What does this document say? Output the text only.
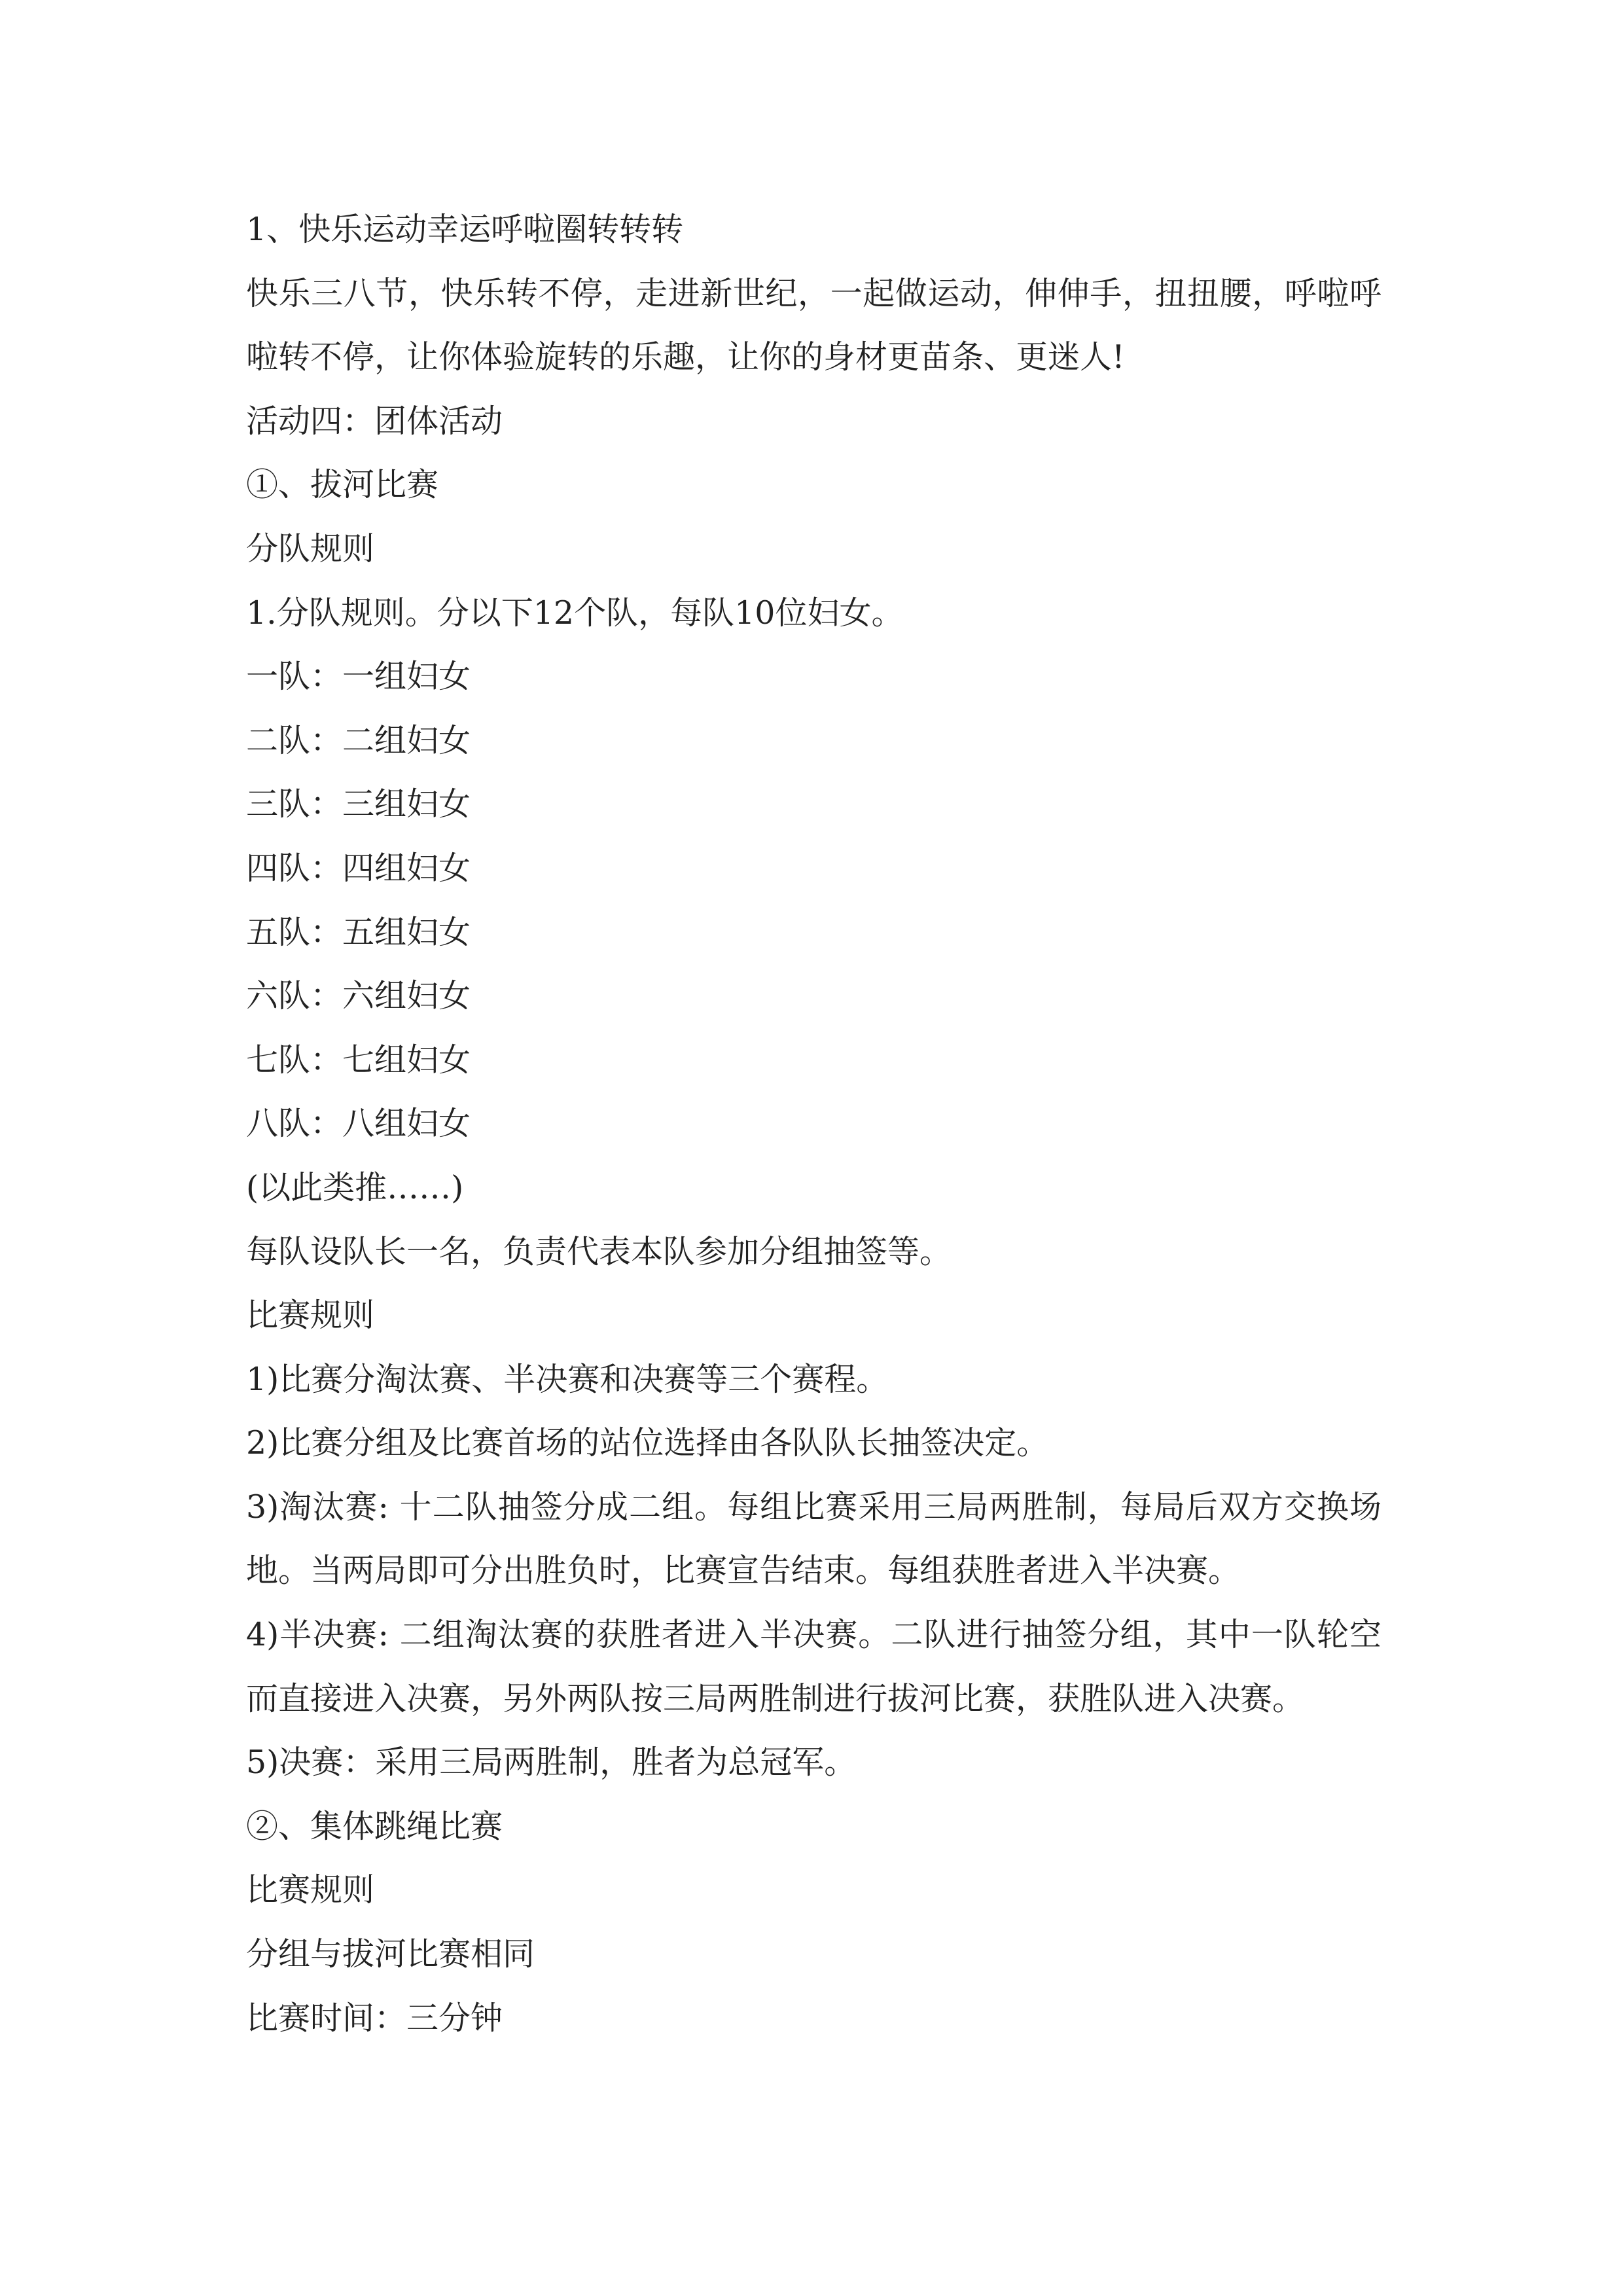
1、快乐运动幸运呼啦圈转转转

快乐三八节，快乐转不停，走进新世纪，一起做运动，伸伸手，扭扭腰，呼啦呼啦转不停，让你体验旋转的乐趣，让你的身材更苗条、更迷人!

活动四：团体活动

①、拔河比赛

分队规则

1.分队规则。分以下12个队，每队10位妇女。

一队：一组妇女

二队：二组妇女

三队：三组妇女

四队：四组妇女

五队：五组妇女

六队：六组妇女

七队：七组妇女

八队：八组妇女

(以此类推……)

每队设队长一名，负责代表本队参加分组抽签等。

比赛规则

1)比赛分淘汰赛、半决赛和决赛等三个赛程。

2)比赛分组及比赛首场的站位选择由各队队长抽签决定。

3)淘汰赛: 十二队抽签分成二组。每组比赛采用三局两胜制，每局后双方交换场地。当两局即可分出胜负时，比赛宣告结束。每组获胜者进入半决赛。

4)半决赛: 二组淘汰赛的获胜者进入半决赛。二队进行抽签分组，其中一队轮空而直接进入决赛，另外两队按三局两胜制进行拔河比赛，获胜队进入决赛。

5)决赛：采用三局两胜制，胜者为总冠军。

②、集体跳绳比赛

比赛规则

分组与拔河比赛相同

比赛时间：三分钟
